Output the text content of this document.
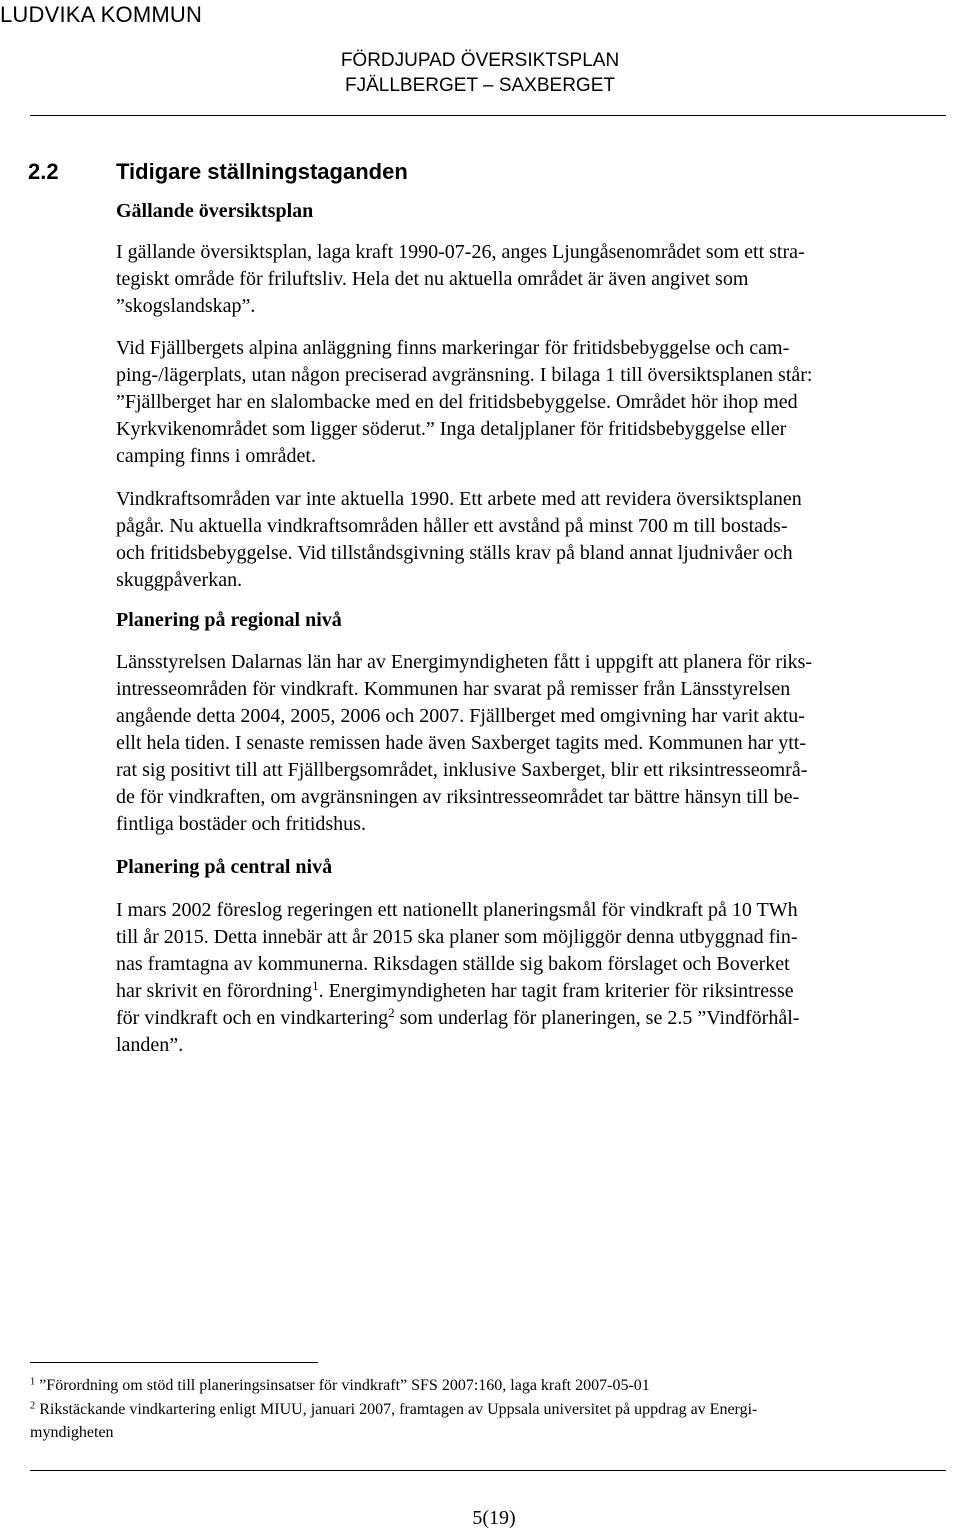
LUDVIKA KOMMUN
FÖRDJUPAD ÖVERSIKTSPLAN
FJÄLLBERGET – SAXBERGET
2.2	Tidigare ställningstaganden
Gällande översiktsplan
I gällande översiktsplan, laga kraft 1990-07-26, anges Ljungåsenområdet som ett stra-
tegiskt område för friluftsliv. Hela det nu aktuella området är även angivet som
”skogslandskap”.
Vid Fjällbergets alpina anläggning finns markeringar för fritidsbebyggelse och cam-
ping-/lägerplats, utan någon preciserad avgränsning. I bilaga 1 till översiktsplanen står:
”Fjällberget har en slalombacke med en del fritidsbebyggelse. Området hör ihop med
Kyrkvikenområdet som ligger söderut.” Inga detaljplaner för fritidsbebyggelse eller
camping finns i området.
Vindkraftsområden var inte aktuella 1990. Ett arbete med att revidera översiktsplanen
pågår. Nu aktuella vindkraftsområden håller ett avstånd på minst 700 m till bostads-
och fritidsbebyggelse. Vid tillståndsgivning ställs krav på bland annat ljudnivåer och
skuggpåverkan.
Planering på regional nivå
Länsstyrelsen Dalarnas län har av Energimyndigheten fått i uppgift att planera för riks-
intresseområden för vindkraft. Kommunen har svarat på remisser från Länsstyrelsen
angående detta 2004, 2005, 2006 och 2007. Fjällberget med omgivning har varit aktu-
ellt hela tiden. I senaste remissen hade även Saxberget tagits med. Kommunen har ytt-
rat sig positivt till att Fjällbergsområdet, inklusive Saxberget, blir ett riksintresseområ-
de för vindkraften, om avgränsningen av riksintresseområdet tar bättre hänsyn till be-
fintliga bostäder och fritidshus.
Planering på central nivå
I mars 2002 föreslog regeringen ett nationellt planeringsmål för vindkraft på 10 TWh
till år 2015. Detta innebär att år 2015 ska planer som möjliggör denna utbyggnad fin-
nas framtagna av kommunerna. Riksdagen ställde sig bakom förslaget och Boverket
har skrivit en förordning$^1$. Energimyndigheten har tagit fram kriterier för riksintresse
för vindkraft och en vindkartering$^2$ som underlag för planeringen, se 2.5 ”Vindförhål-
landen”.
$^1$ ”Förordning om stöd till planeringsinsatser för vindkraft” SFS 2007:160, laga kraft 2007-05-01
$^2$ Rikstäckande vindkartering enligt MIUU, januari 2007, framtagen av Uppsala universitet på uppdrag av Energi-
myndigheten
5(19)
